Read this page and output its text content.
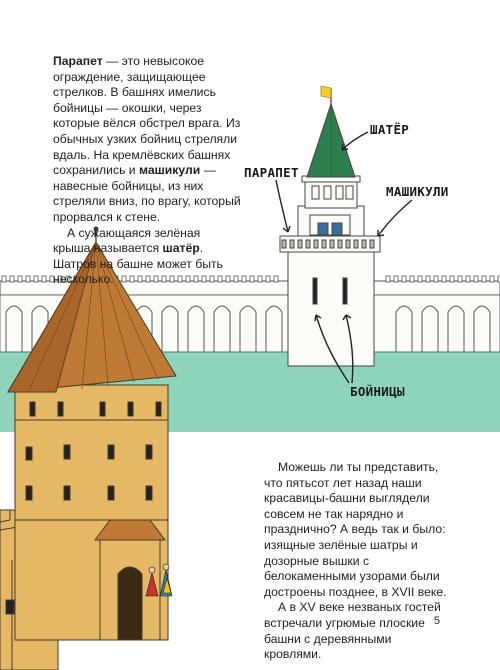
Парапет — это невысокое ограждение, защищающее стрелков. В башнях имелись бойницы — окошки, через которые вёлся обстрел врага. Из обычных узких бойниц стреляли вдаль. На кремлёвских башнях сохранились и машикули — навесные бойницы, из них стреляли вниз, по врагу, который прорвался к стене.

А сужающаяся зелёная крыша называется шатёр. Шатров на башне может быть несколько.

ШАТЁР
ПАРАПЕТ
МАШИКУЛИ
БОЙНИЦЫ

Можешь ли ты представить, что пятьсот лет назад наши красавицы-башни выглядели совсем не так нарядно и празднично? А ведь так и было: изящные зелёные шатры и дозорные вышки с белокаменными узорами были достроены позднее, в XVII веке.

А в XV веке незваных гостей встречали угрюмые плоские башни с деревянными кровлями.

5
